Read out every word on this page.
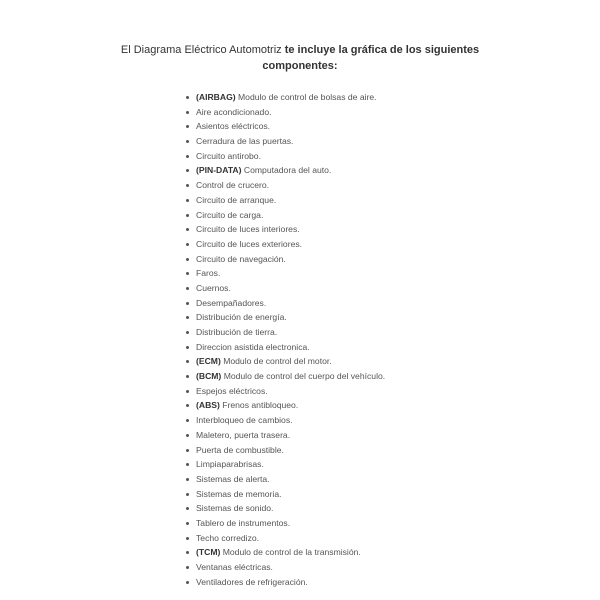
El Diagrama Eléctrico Automotriz te incluye la gráfica de los siguientes componentes:
(AIRBAG) Modulo de control de bolsas de aire.
Aire acondicionado.
Asientos eléctricos.
Cerradura de las puertas.
Circuito antirobo.
(PIN-DATA) Computadora del auto.
Control de crucero.
Circuito de arranque.
Circuito de carga.
Circuito de luces interiores.
Circuito de luces exteriores.
Circuito de navegación.
Faros.
Cuernos.
Desempañadores.
Distribución de energía.
Distribución de tierra.
Direccion asistida electronica.
(ECM) Modulo de control del motor.
(BCM) Modulo de control del cuerpo del vehículo.
Espejos eléctricos.
(ABS) Frenos antibloqueo.
Interbloqueo de cambios.
Maletero, puerta trasera.
Puerta de combustible.
Limpiaparabrisas.
Sistemas de alerta.
Sistemas de memoria.
Sistemas de sonido.
Tablero de instrumentos.
Techo corredizo.
(TCM) Modulo de control de la transmisión.
Ventanas eléctricas.
Ventiladores de refrigeración.
